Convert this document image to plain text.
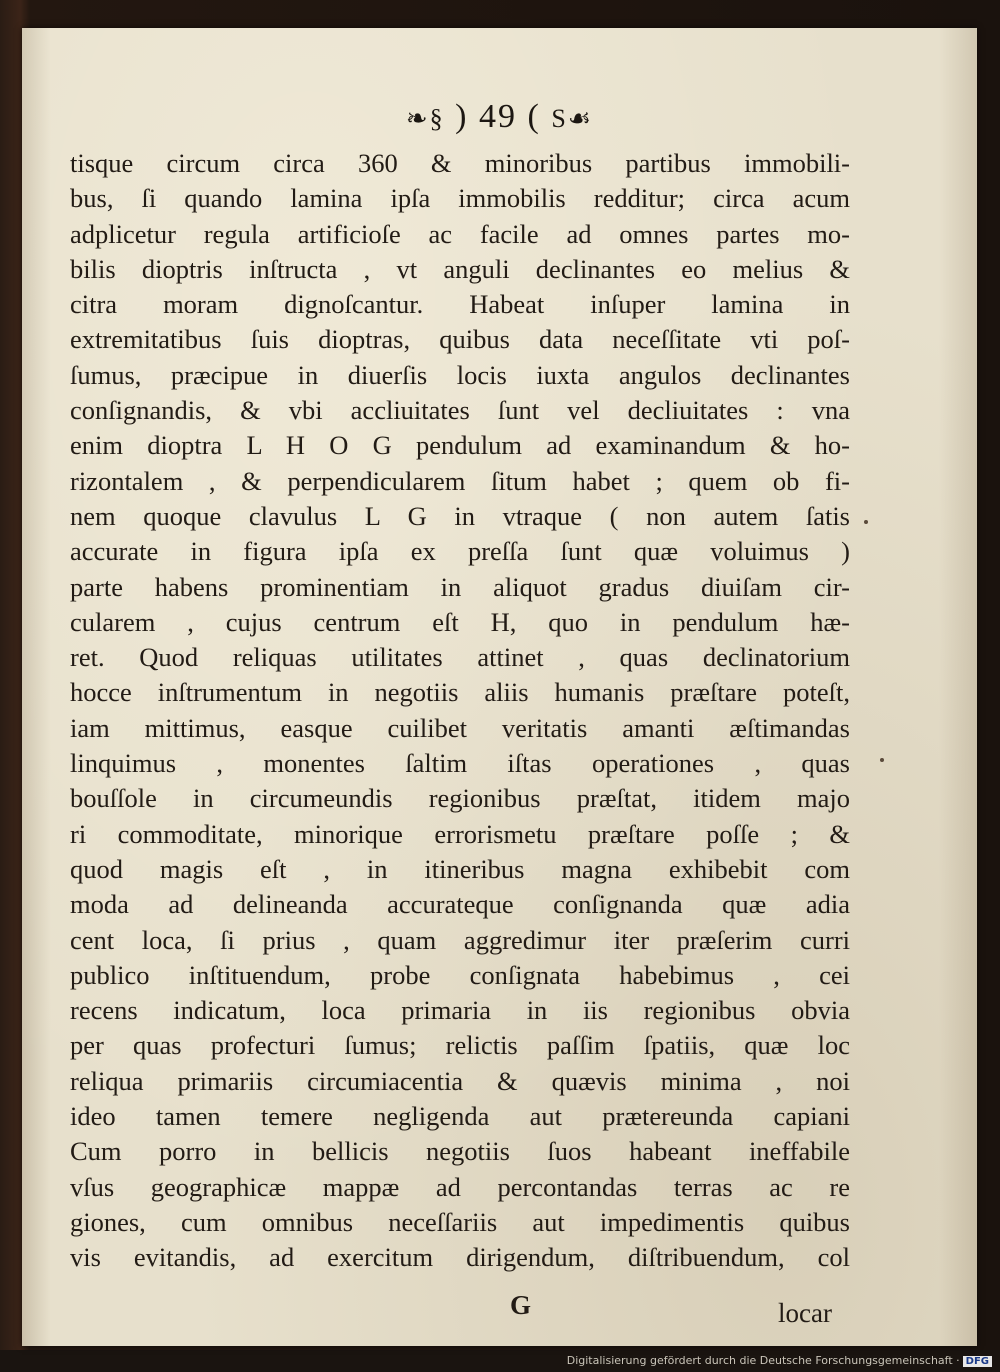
❧§ ) 49 ( S☙
tisque circum circa 360 & minoribus partibus immobili-
bus, ſi quando lamina ipſa immobilis redditur; circa acum
adplicetur regula artificioſe ac facile ad omnes partes mo-
bilis dioptris inſtructa , vt anguli declinantes eo melius &
citra moram dignoſcantur. Habeat inſuper lamina in
extremitatibus ſuis dioptras, quibus data neceſſitate vti poſ-
ſumus, præcipue in diuerſis locis iuxta angulos declinantes
conſignandis, & vbi accliuitates ſunt vel decliuitates : vna
enim dioptra L H O G pendulum ad examinandum & ho-
rizontalem , & perpendicularem ſitum habet ; quem ob fi-
nem quoque clavulus L G in vtraque ( non autem ſatis
accurate in figura ipſa ex preſſa ſunt quæ voluimus )
parte habens prominentiam in aliquot gradus diuiſam cir-
cularem , cujus centrum eſt H, quo in pendulum hæ-
ret. Quod reliquas utilitates attinet , quas declinatorium
hocce inſtrumentum in negotiis aliis humanis præſtare poteſt,
iam mittimus, easque cuilibet veritatis amanti æſtimandas
linquimus , monentes ſaltim iſtas operationes , quas
bouſſole in circumeundis regionibus præſtat, itidem majo
ri commoditate, minorique errorismetu præſtare poſſe ; &
quod magis eſt , in itineribus magna exhibebit com
moda ad delineanda accurateque conſignanda quæ adia
cent loca, ſi prius , quam aggredimur iter præſerim curri
publico inſtituendum, probe conſignata habebimus , cei
recens indicatum, loca primaria in iis regionibus obvia
per quas profecturi ſumus; relictis paſſim ſpatiis, quæ loc
reliqua primariis circumiacentia & quævis minima , noi
ideo tamen temere negligenda aut prætereunda capiani
Cum porro in bellicis negotiis ſuos habeant ineffabile
vſus geographicæ mappæ ad percontandas terras ac re
giones, cum omnibus neceſſariis aut impedimentis quibus
vis evitandis, ad exercitum dirigendum, diſtribuendum, col
G	locar
Digitalisierung gefördert durch die Deutsche Forschungsgemeinschaft · DFG
